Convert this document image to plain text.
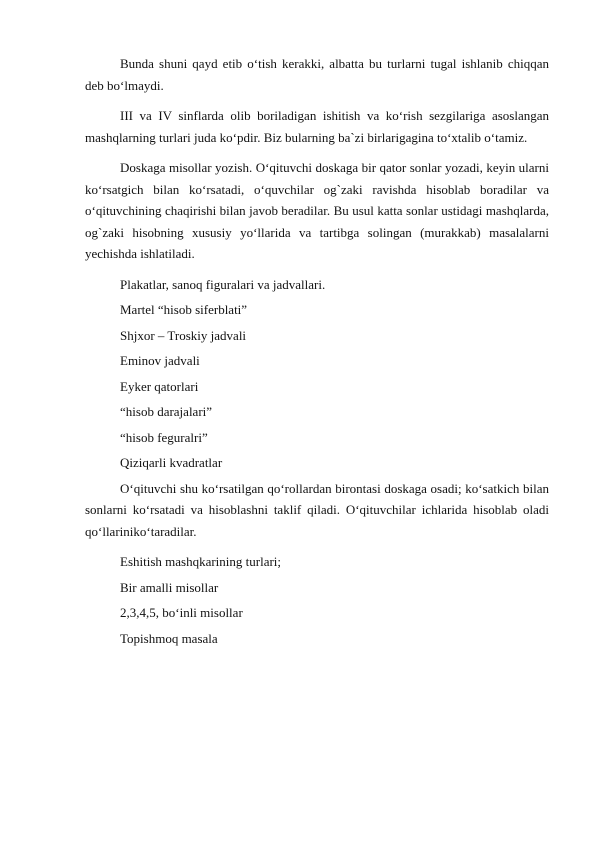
Bunda shuni qayd etib oʻtish kerakki, albatta bu turlarni tugal ishlanib chiqqan deb boʻlmaydi.

III va IV sinflarda olib boriladigan ishitish va koʻrish sezgilariga asoslangan mashqlarning turlari juda koʻpdir. Biz bularning ba`zi birlarigagina toʻxtalib oʻtamiz.

Doskaga misollar yozish. Oʻqituvchi doskaga bir qator sonlar yozadi, keyin ularni koʻrsatgich bilan koʻrsatadi, oʻquvchilar og`zaki ravishda hisoblab boradilar va oʻqituvchining chaqirishi bilan javob beradilar. Bu usul katta sonlar ustidagi mashqlarda, og`zaki hisobning xususiy yoʻllarida va tartibga solingan (murakkab) masalalarni yechishda ishlatiladi.

Plakatlar, sanoq figuralari va jadvallari.

Martel “hisob siferblati”

Shjxor – Troskiy jadvali

Eminov jadvali

Eyker qatorlari

“hisob darajalari”

“hisob feguralri”

Qiziqarli kvadratlar

Oʻqituvchi shu koʻrsatilgan qoʻrollardan birontasi doskaga osadi; koʻsatkich bilan sonlarni koʻrsatadi va hisoblashni taklif qiladi. Oʻqituvchilar ichlarida hisoblab oladi qoʻllarinikoʻtaradilar.

Eshitish mashqkarining turlari;

Bir amalli misollar

2,3,4,5, boʻinli misollar

Topishmoq masala
